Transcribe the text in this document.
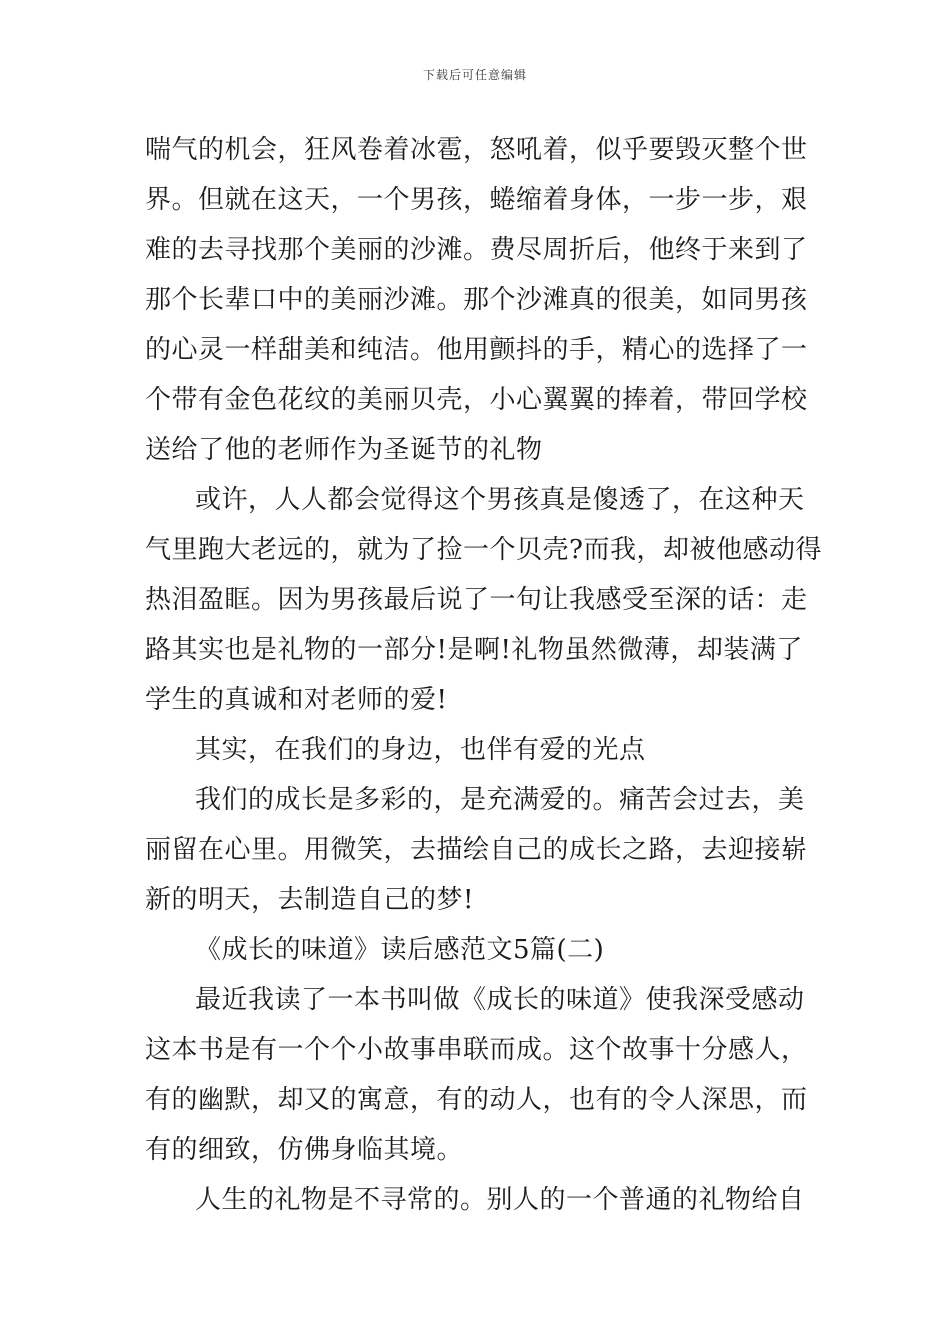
下载后可任意编辑
喘气的机会，狂风卷着冰雹，怒吼着，似乎要毁灭整个世
界。但就在这天，一个男孩，蜷缩着身体，一步一步，艰
难的去寻找那个美丽的沙滩。费尽周折后，他终于来到了
那个长辈口中的美丽沙滩。那个沙滩真的很美，如同男孩
的心灵一样甜美和纯洁。他用颤抖的手，精心的选择了一
个带有金色花纹的美丽贝壳，小心翼翼的捧着，带回学校
送给了他的老师作为圣诞节的礼物
或许，人人都会觉得这个男孩真是傻透了，在这种天
气里跑大老远的，就为了捡一个贝壳?而我，却被他感动得
热泪盈眶。因为男孩最后说了一句让我感受至深的话：走
路其实也是礼物的一部分!是啊!礼物虽然微薄，却装满了
学生的真诚和对老师的爱!
其实，在我们的身边，也伴有爱的光点
我们的成长是多彩的，是充满爱的。痛苦会过去，美
丽留在心里。用微笑，去描绘自己的成长之路，去迎接崭
新的明天，去制造自己的梦!
《成长的味道》读后感范文5篇(二)
最近我读了一本书叫做《成长的味道》使我深受感动
这本书是有一个个小故事串联而成。这个故事十分感人，
有的幽默，却又的寓意，有的动人，也有的令人深思，而
有的细致，仿佛身临其境。
人生的礼物是不寻常的。别人的一个普通的礼物给自
